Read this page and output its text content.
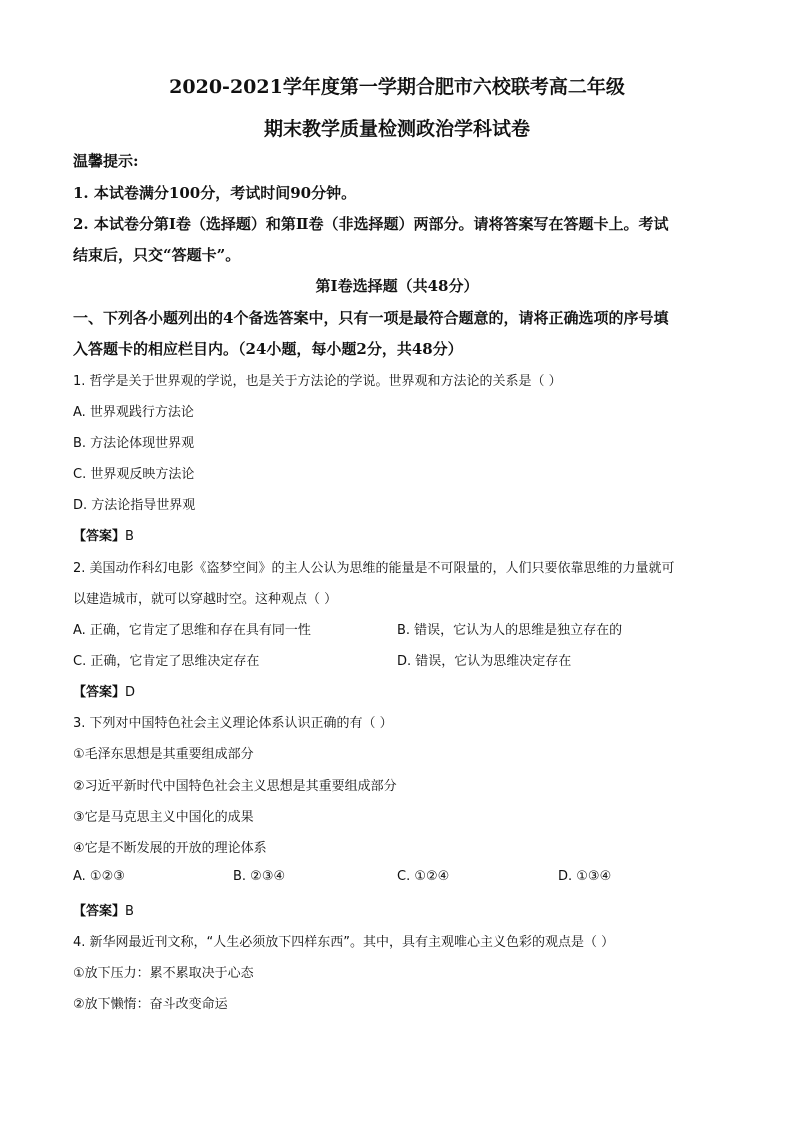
2020-2021学年度第一学期合肥市六校联考高二年级
期末教学质量检测政治学科试卷
温馨提示:
1. 本试卷满分100分，考试时间90分钟。
2. 本试卷分第Ⅰ卷（选择题）和第Ⅱ卷（非选择题）两部分。请将答案写在答题卡上。考试
结束后，只交“答题卡”。
第Ⅰ卷选择题（共48分）
一、下列各小题列出的4个备选答案中，只有一项是最符合题意的，请将正确选项的序号填
入答题卡的相应栏目内。（24小题，每小题2分，共48分）
1. 哲学是关于世界观的学说，也是关于方法论的学说。世界观和方法论的关系是（ ）
A. 世界观践行方法论
B. 方法论体现世界观
C. 世界观反映方法论
D. 方法论指导世界观
【答案】B
2. 美国动作科幻电影《盗梦空间》的主人公认为思维的能量是不可限量的，人们只要依靠思维的力量就可
以建造城市，就可以穿越时空。这种观点（ ）
A. 正确，它肯定了思维和存在具有同一性	B. 错误，它认为人的思维是独立存在的
C. 正确，它肯定了思维决定存在	D. 错误，它认为思维决定存在
【答案】D
3. 下列对中国特色社会主义理论体系认识正确的有（ ）
①毛泽东思想是其重要组成部分
②习近平新时代中国特色社会主义思想是其重要组成部分
③它是马克思主义中国化的成果
④它是不断发展的开放的理论体系
A. ①②③	B. ②③④	C. ①②④	D. ①③④
【答案】B
4. 新华网最近刊文称，“人生必须放下四样东西”。其中，具有主观唯心主义色彩的观点是（ ）
①放下压力：累不累取决于心态
②放下懒惰：奋斗改变命运
